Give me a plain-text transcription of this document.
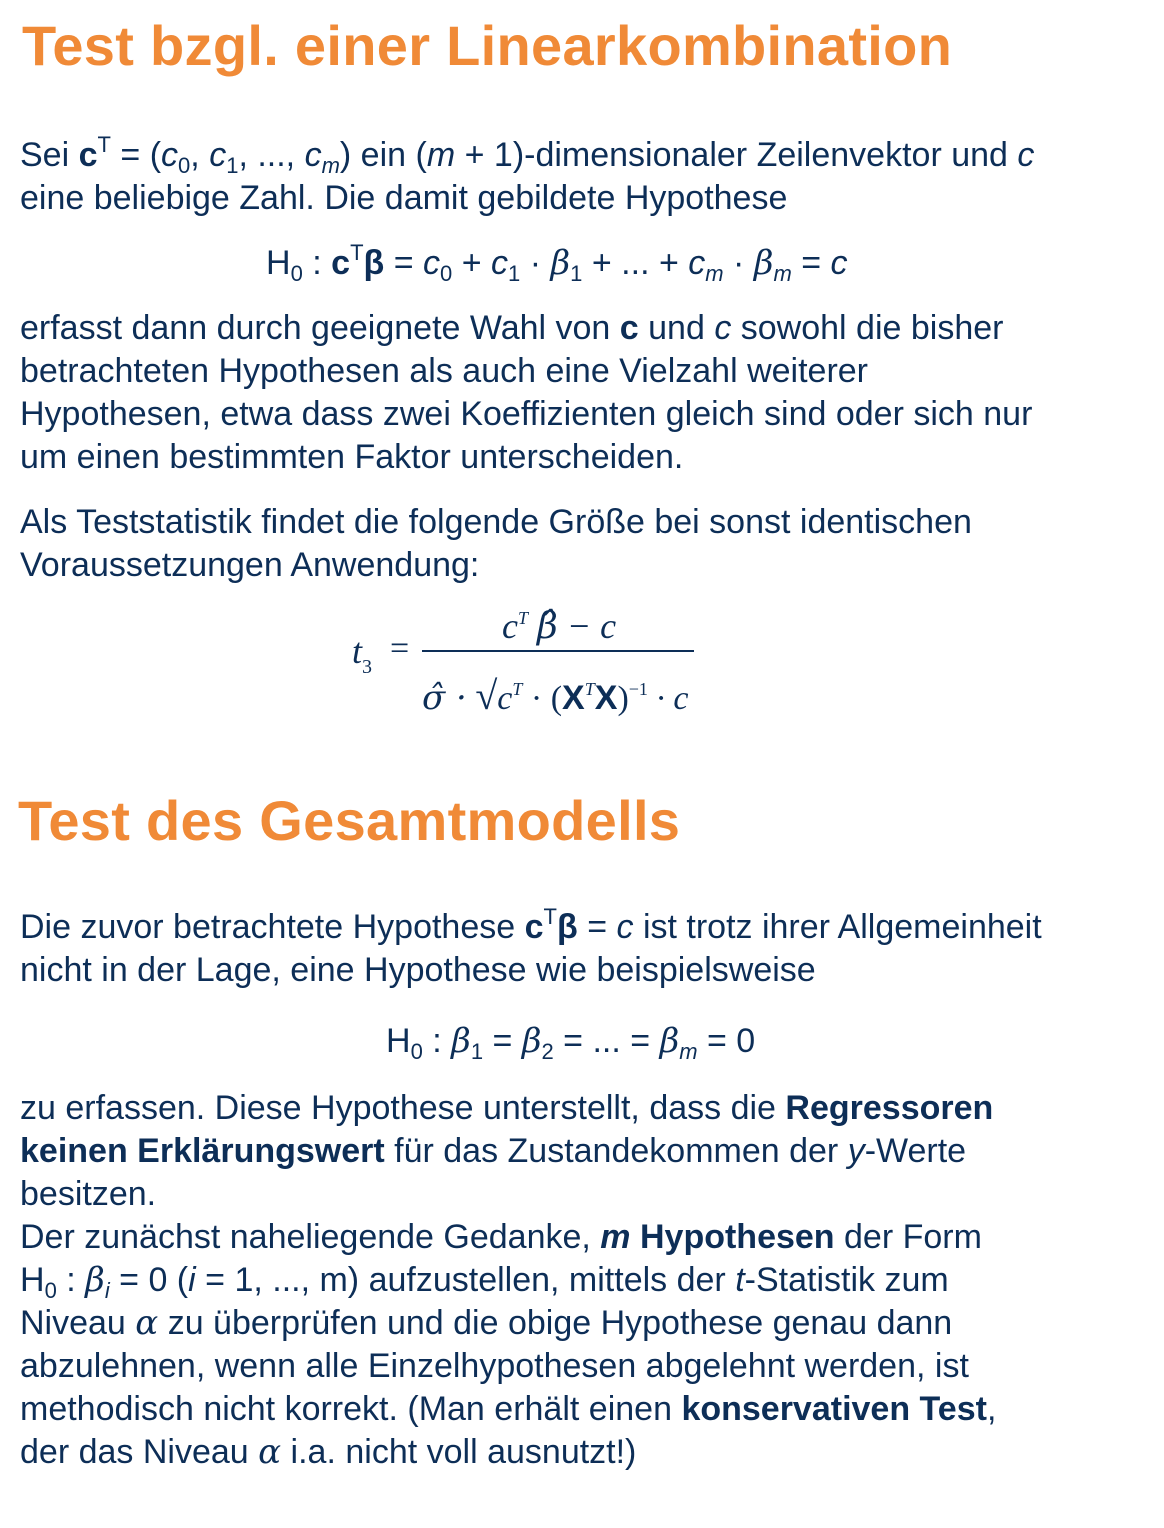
Test bzgl. einer Linearkombination

Sei $c^T = (c_0$, $c_1$, ..., $c_m$) ein (m + 1)-dimensionaler Zeilenvektor und c
eine beliebige Zahl. Die damit gebildete Hypothese

$H_0$ : $c^T\beta = c_0 + c_1 \cdot \beta_1$ + ... + $c_m \cdot \beta_m = c$

erfasst dann durch geeignete Wahl von c und c sowohl die bisher
betrachteten Hypothesen als auch eine Vielzahl weiterer
Hypothesen, etwa dass zwei Koeffizienten gleich sind oder sich nur
um einen bestimmten Faktor unterscheiden.

Als Teststatistik findet die folgende Größe bei sonst identischen
Voraussetzungen Anwendung:

$t_3$ =
$c^T$ β̂ − c
σ̂ · $√c^T \cdot (X^TX)^{-1} \cdot c$
Test des Gesamtmodells

Die zuvor betrachtete Hypothese $c^T\beta = c$ ist trotz ihrer Allgemeinheit
nicht in der Lage, eine Hypothese wie beispielsweise

$H_0$ : $\beta_1 = \beta_2$ = ... = $\beta_m = 0$

zu erfassen. Diese Hypothese unterstellt, dass die Regressoren
keinen Erklärungswert für das Zustandekommen der y-Werte
besitzen.
Der zunächst naheliegende Gedanke, m Hypothesen der Form
$H_0$ : $\beta_i = 0$ (i = 1, ..., m) aufzustellen, mittels der t-Statistik zum
Niveau α zu überprüfen und die obige Hypothese genau dann
abzulehnen, wenn alle Einzelhypothesen abgelehnt werden, ist
methodisch nicht korrekt. (Man erhält einen konservativen Test,
der das Niveau α i.a. nicht voll ausnutzt!)
